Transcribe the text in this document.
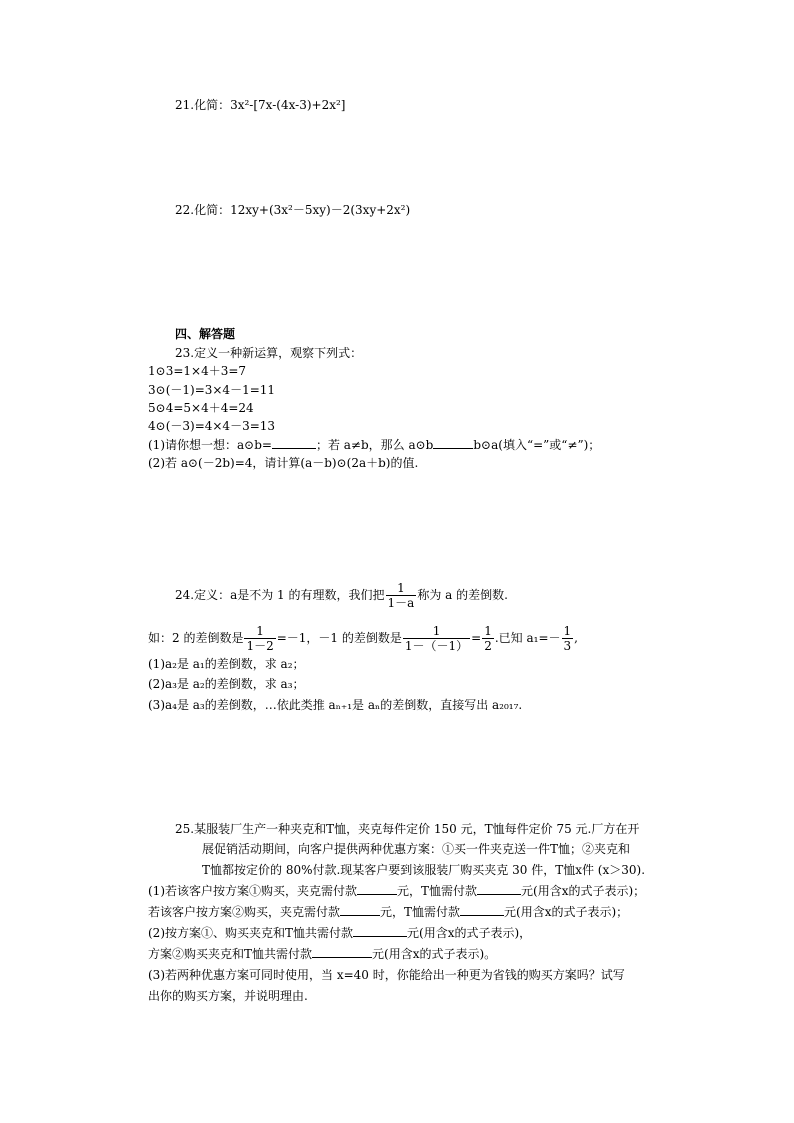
21.化简：3x²-[7x-(4x-3)+2x²]
22.化简：12xy+(3x²－5xy)－2(3xy+2x²)
四、解答题
23.定义一种新运算，观察下列式：
1⊙3=1×4＋3=7
3⊙(－1)=3×4－1=11
5⊙4=5×4＋4=24
4⊙(－3)=4×4－3=13
(1)请你想一想：a⊙b=	；若 a≠b，那么 a⊙b	b⊙a(填入“=”或“≠”)；
(2)若 a⊙(－2b)=4，请计算(a－b)⊙(2a＋b)的值.
24.定义：a是不为 1 的有理数，我们把 $\frac{1}{1-a}$ 称为 a 的差倒数.
如：2 的差倒数是 $\frac{1}{1-2} =-1$，－1 的差倒数是 $\frac{1}{1-(-1)} = \frac{1}{2}$ .已知 $a_1=- \frac{1}{3}$ ,
(1)a₂是 a₁的差倒数，求 a₂；
(2)a₃是 a₂的差倒数，求 a₃；
(3)a₄是 a₃的差倒数，…依此类推 aₙ₊₁是 aₙ的差倒数，直接写出 a₂₀₁₇.
25.某服装厂生产一种夹克和T恤，夹克每件定价 150 元，T恤每件定价 75 元.厂方在开
展促销活动期间，向客户提供两种优惠方案：①买一件夹克送一件T恤；②夹克和
T恤都按定价的 80%付款.现某客户要到该服装厂购买夹克 30 件，T恤x件 (x＞30).
(1)若该客户按方案①购买，夹克需付款	元，T恤需付款	元(用含x的式子表示)；
若该客户按方案②购买，夹克需付款	元，T恤需付款	元(用含x的式子表示)；
(2)按方案①、购买夹克和T恤共需付款	元(用含x的式子表示)，
方案②购买夹克和T恤共需付款	元(用含x的式子表示)。
(3)若两种优惠方案可同时使用，当 x=40 时，你能给出一种更为省钱的购买方案吗？试写
出你的购买方案，并说明理由.
